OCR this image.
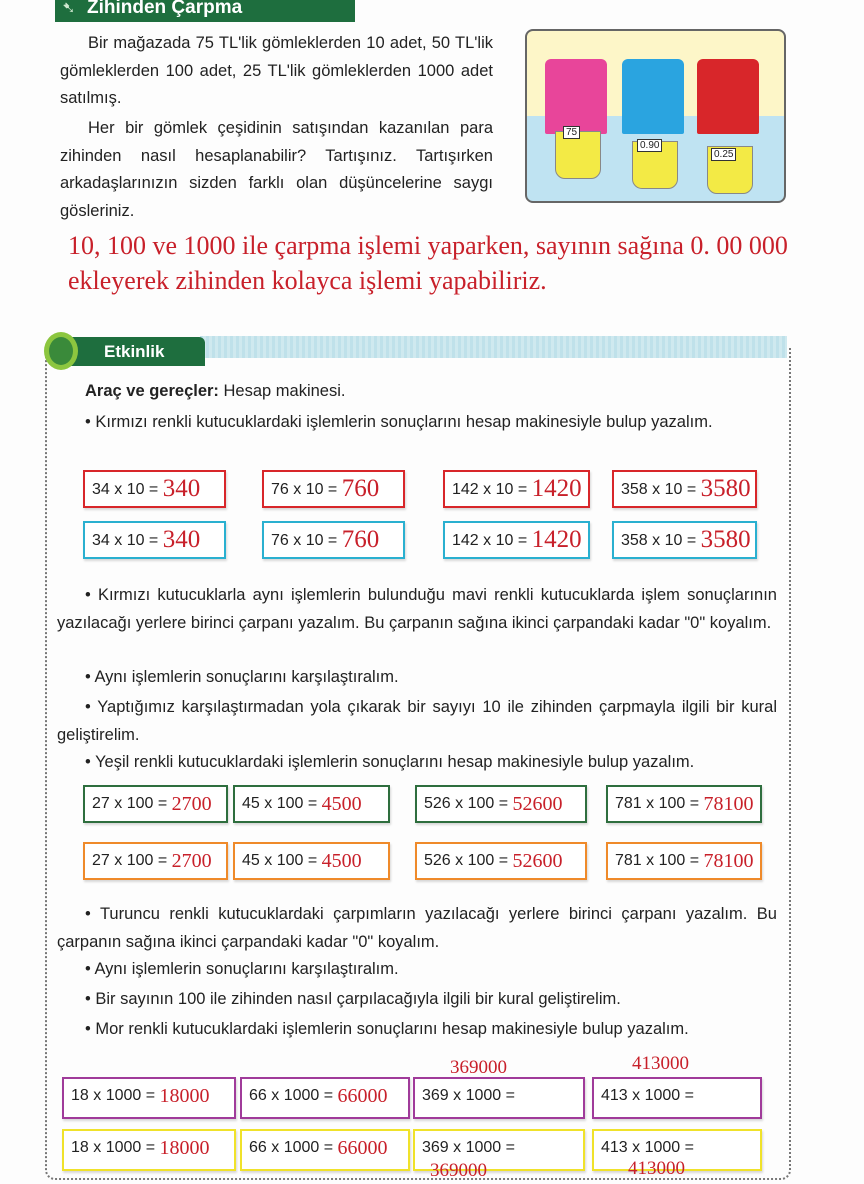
Zihinden Çarpma
➷
Bir mağazada 75 TL'lik gömleklerden 10 adet, 50 TL'lik gömleklerden 100 adet, 25 TL'lik gömleklerden 1000 adet satılmış.
Her bir gömlek çeşidinin satışından kazanılan para zihinden nasıl hesaplanabilir? Tartışınız. Tartışırken arkadaşlarınızın sizden farklı olan düşüncelerine saygı gösleriniz.
75
0.90
0.25
10, 100 ve 1000 ile çarpma işlemi yaparken, sayının sağına 0. 00 000 ekleyerek zihinden kolayca işlemi yapabiliriz.
Etkinlik
Araç ve gereçler: Hesap makinesi.
• Kırmızı renkli kutucuklardaki işlemlerin sonuçlarını hesap makinesiyle bulup yazalım.
• Kırmızı kutucuklarla aynı işlemlerin bulunduğu mavi renkli kutucuklarda işlem sonuçlarının yazılacağı yerlere birinci çarpanı yazalım. Bu çarpanın sağına ikinci çarpandaki kadar "0" koyalım.
• Aynı işlemlerin sonuçlarını karşılaştıralım.
• Yaptığımız karşılaştırmadan yola çıkarak bir sayıyı 10 ile zihinden çarpmayla ilgili bir kural geliştirelim.
• Yeşil renkli kutucuklardaki işlemlerin sonuçlarını hesap makinesiyle bulup yazalım.
• Turuncu renkli kutucuklardaki çarpımların yazılacağı yerlere birinci çarpanı yazalım. Bu çarpanın sağına ikinci çarpandaki kadar "0" koyalım.
• Aynı işlemlerin sonuçlarını karşılaştıralım.
• Bir sayının 100 ile zihinden nasıl çarpılacağıyla ilgili bir kural geliştirelim.
• Mor renkli kutucuklardaki işlemlerin sonuçlarını hesap makinesiyle bulup yazalım.
34 x 10 = 340	76 x 10 = 760	142 x 10 = 1420	358 x 10 = 3580
34 x 10 = 340	76 x 10 = 760	142 x 10 = 1420	358 x 10 = 3580
27 x 100 = 2700	45 x 100 = 4500	526 x 100 = 52600	781 x 100 = 78100
27 x 100 = 2700	45 x 100 = 4500	526 x 100 = 52600	781 x 100 = 78100
18 x 1000 = 18000	66 x 1000 = 66000	369 x 1000 =	413 x 1000 =
18 x 1000 = 18000	66 x 1000 = 66000	369 x 1000 =	413 x 1000 =
369000	413000
369000	413000
